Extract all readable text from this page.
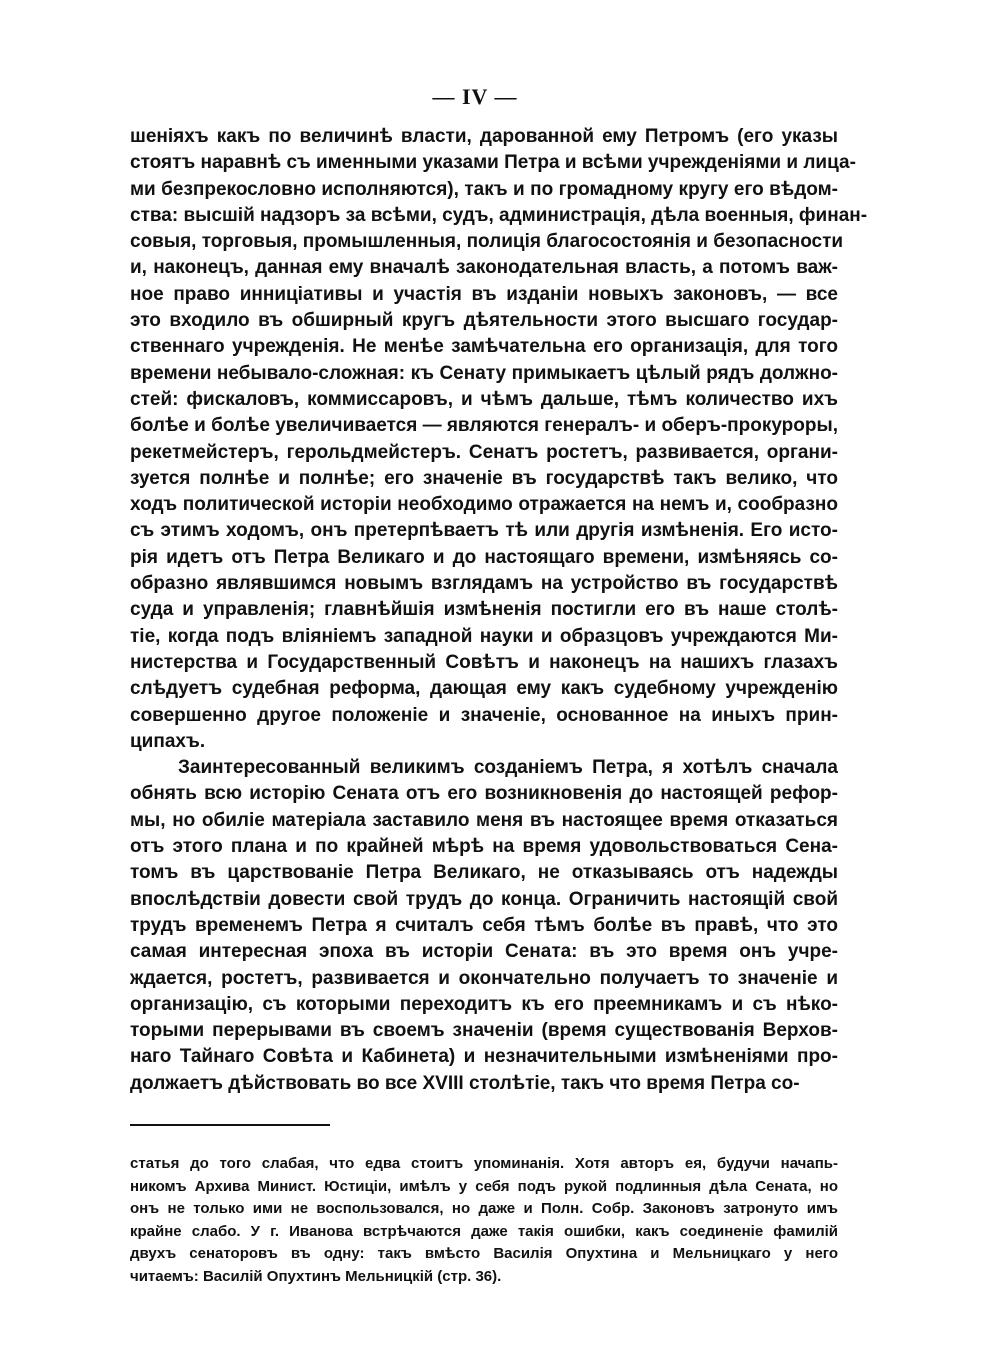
— IV —
шеніяхъ какъ по величинѣ власти, дарованной ему Петромъ (его указы
стоятъ наравнѣ съ именными указами Петра и всѣми учрежденіями и лица-
ми безпрекословно исполняются), такъ и по громадному кругу его вѣдом-
ства: высшій надзоръ за всѣми, судъ, администрація, дѣла военныя, финан-
совыя, торговыя, промышленныя, полиція благосостоянія и безопасности
и, наконецъ, данная ему вначалѣ законодательная власть, а потомъ важ-
ное право инниціативы и участія въ изданіи новыхъ законовъ, — все
это входило въ обширный кругъ дѣятельности этого высшаго государ-
ственнаго учрежденія. Не менѣе замѣчательна его организація, для того
времени небывало-сложная: къ Сенату примыкаетъ цѣлый рядъ должно-
стей: фискаловъ, коммиссаровъ, и чѣмъ дальше, тѣмъ количество ихъ
болѣе и болѣе увеличивается — являются генералъ- и оберъ-прокуроры,
рекетмейстеръ, герольдмейстеръ. Сенатъ ростетъ, развивается, органи-
зуется полнѣе и полнѣе; его значеніе въ государствѣ такъ велико, что
ходъ политической исторіи необходимо отражается на немъ и, сообразно
съ этимъ ходомъ, онъ претерпѣваетъ тѣ или другія измѣненія. Его исто-
рія идетъ отъ Петра Великаго и до настоящаго времени, измѣняясь со-
образно являвшимся новымъ взглядамъ на устройство въ государствѣ
суда и управленія; главнѣйшія измѣненія постигли его въ наше столѣ-
тіе, когда подъ вліяніемъ западной науки и образцовъ учреждаются Ми-
нистерства и Государственный Совѣтъ и наконецъ на нашихъ глазахъ
слѣдуетъ судебная реформа, дающая ему какъ судебному учрежденію
совершенно другое положеніе и значеніе, основанное на иныхъ прин-
ципахъ.
Заинтересованный великимъ созданіемъ Петра, я хотѣлъ сначала
обнять всю исторію Сената отъ его возникновенія до настоящей рефор-
мы, но обиліе матеріала заставило меня въ настоящее время отказаться
отъ этого плана и по крайней мѣрѣ на время удовольствоваться Сена-
томъ въ царствованіе Петра Великаго, не отказываясь отъ надежды
впослѣдствіи довести свой трудъ до конца. Ограничить настоящій свой
трудъ временемъ Петра я считалъ себя тѣмъ болѣе въ правѣ, что это
самая интересная эпоха въ исторіи Сената: въ это время онъ учре-
ждается, ростетъ, развивается и окончательно получаетъ то значеніе и
организацію, съ которыми переходитъ къ его преемникамъ и съ нѣко-
торыми перерывами въ своемъ значеніи (время существованія Верхов-
наго Тайнаго Совѣта и Кабинета) и незначительными измѣненіями про-
должаетъ дѣйствовать во все XVIII столѣтіе, такъ что время Петра со-
статья до того слабая, что едва стоитъ упоминанія. Хотя авторъ ея, будучи начапь-
никомъ Архива Минист. Юстиціи, имѣлъ у себя подъ рукой подлинныя дѣла Сената, но
онъ не только ими не воспользовался, но даже и Полн. Собр. Законовъ затронуто имъ
крайне слабо. У г. Иванова встрѣчаются даже такія ошибки, какъ соединеніе фамилій
двухъ сенаторовъ въ одну: такъ вмѣсто Василія Опухтина и Мельницкаго у него
читаемъ: Василій Опухтинъ Мельницкій (стр. 36).
